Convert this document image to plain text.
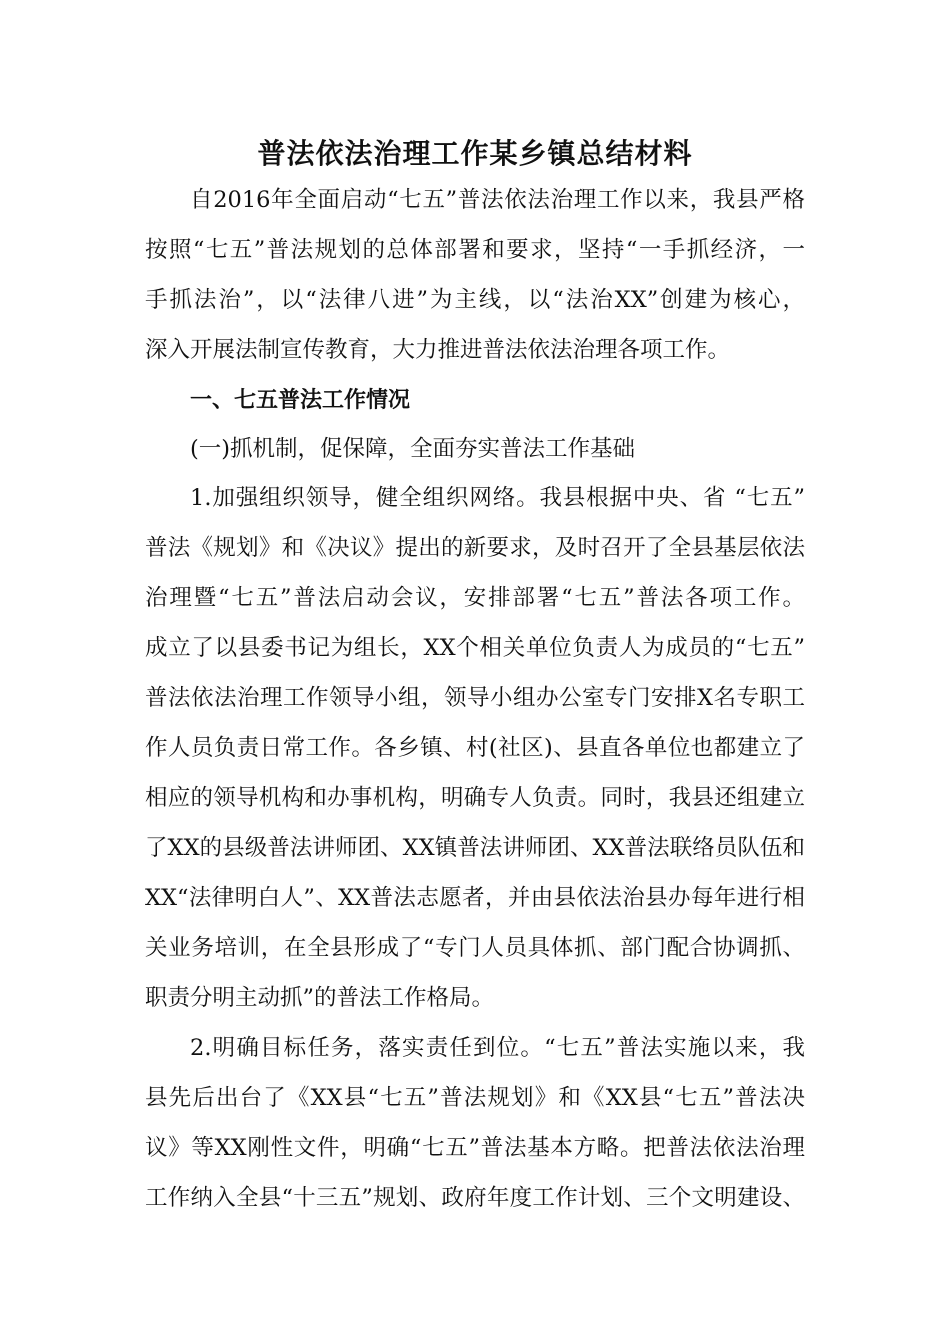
普法依法治理工作某乡镇总结材料
自2016年全面启动“七五”普法依法治理工作以来，我县严格
按照“七五”普法规划的总体部署和要求，坚持“一手抓经济，一
手抓法治”，以“法律八进”为主线，以“法治XX”创建为核心，
深入开展法制宣传教育，大力推进普法依法治理各项工作。
一、七五普法工作情况
(一)抓机制，促保障，全面夯实普法工作基础
1.加强组织领导，健全组织网络。我县根据中央、省 “七五”
普法《规划》和《决议》提出的新要求，及时召开了全县基层依法
治理暨“七五”普法启动会议，安排部署“七五”普法各项工作。
成立了以县委书记为组长，XX个相关单位负责人为成员的“七五”
普法依法治理工作领导小组，领导小组办公室专门安排X名专职工
作人员负责日常工作。各乡镇、村(社区)、县直各单位也都建立了
相应的领导机构和办事机构，明确专人负责。同时，我县还组建立
了XX的县级普法讲师团、XX镇普法讲师团、XX普法联络员队伍和
XX“法律明白人”、XX普法志愿者，并由县依法治县办每年进行相
关业务培训，在全县形成了“专门人员具体抓、部门配合协调抓、
职责分明主动抓”的普法工作格局。
2.明确目标任务，落实责任到位。“七五”普法实施以来，我
县先后出台了《XX县“七五”普法规划》和《XX县“七五”普法决
议》等XX刚性文件，明确“七五”普法基本方略。把普法依法治理
工作纳入全县“十三五”规划、政府年度工作计划、三个文明建设、
